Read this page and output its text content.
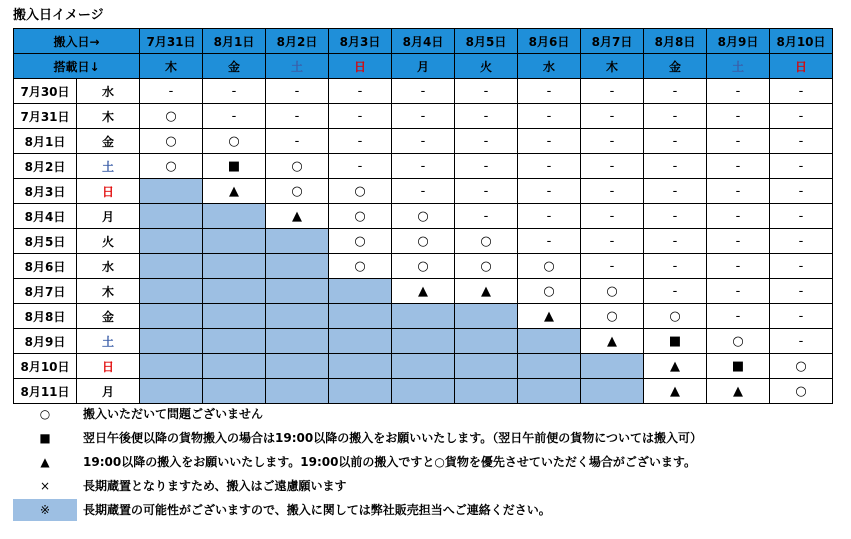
搬入日イメージ
搬入日→		7月31日	8月1日	8月2日	8月3日	8月4日	8月5日	8月6日	8月7日	8月8日	8月9日	8月10日
搭載日↓		木	金	土	日	月	火	水	木	金	土	日
7月30日	水	-	-	-	-	-	-	-	-	-	-	-
7月31日	木	○	-	-	-	-	-	-	-	-	-	-
8月1日	金	○	○	-	-	-	-	-	-	-	-	-
8月2日	土	○	■	○	-	-	-	-	-	-	-	-
8月3日	日		▲	○	○	-	-	-	-	-	-	-
8月4日	月			▲	○	○	-	-	-	-	-	-
8月5日	火				○	○	○	-	-	-	-	-
8月6日	水				○	○	○	○	-	-	-	-
8月7日	木					▲	▲	○	○	-	-	-
8月8日	金							▲	○	○	-	-
8月9日	土								▲	■	○	-
8月10日	日									▲	■	○
8月11日	月									▲	▲	○
○	搬入いただいて問題ございません
■	翌日午後便以降の貨物搬入の場合は19:00以降の搬入をお願いいたします。（翌日午前便の貨物については搬入可）
▲	19:00以降の搬入をお願いいたします。19:00以前の搬入ですと○貨物を優先させていただく場合がございます。
×	長期蔵置となりますため、搬入はご遠慮願います
※	長期蔵置の可能性がございますので、搬入に関しては弊社販売担当へご連絡ください。
